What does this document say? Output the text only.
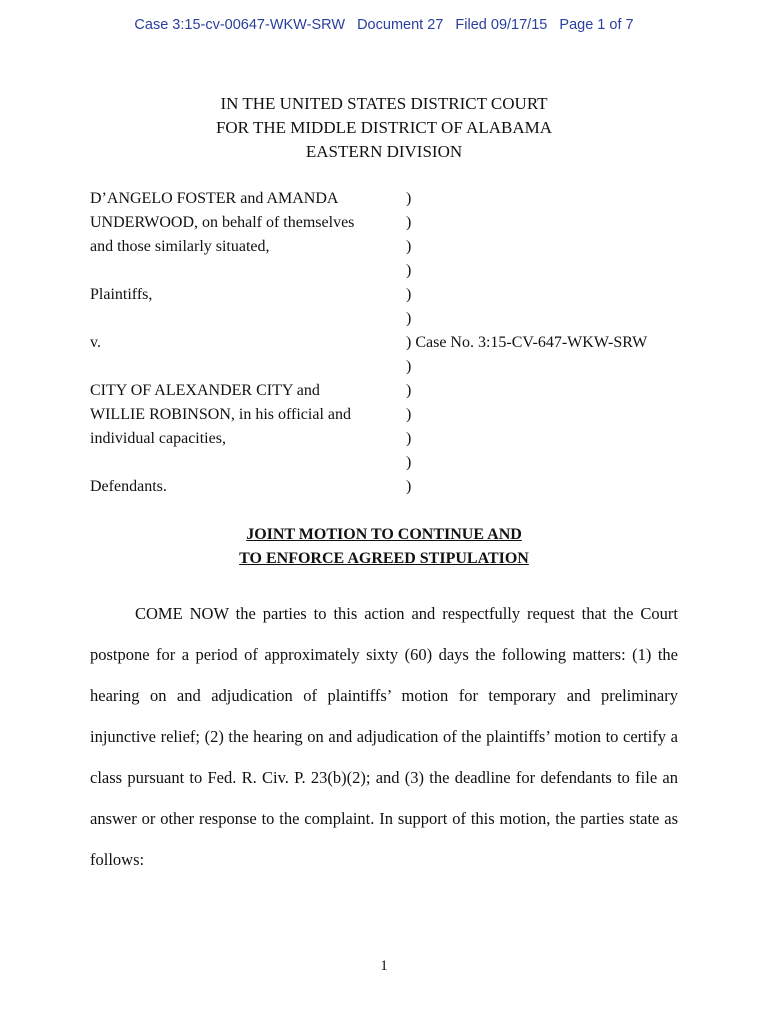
Case 3:15-cv-00647-WKW-SRW   Document 27   Filed 09/17/15   Page 1 of 7
IN THE UNITED STATES DISTRICT COURT
FOR THE MIDDLE DISTRICT OF ALABAMA
EASTERN DIVISION
D’ANGELO FOSTER and AMANDA	)
UNDERWOOD, on behalf of themselves	)
and those similarly situated,	)
)
Plaintiffs,	)
)
v.	) Case No. 3:15-CV-647-WKW-SRW
)
CITY OF ALEXANDER CITY and	)
WILLIE ROBINSON, in his official and	)
individual capacities,	)
)
Defendants.	)
JOINT MOTION TO CONTINUE AND
TO ENFORCE AGREED STIPULATION

COME NOW the parties to this action and respectfully request that the Court postpone for a period of approximately sixty (60) days the following matters: (1) the hearing on and adjudication of plaintiffs’ motion for temporary and preliminary injunctive relief; (2) the hearing on and adjudication of the plaintiffs’ motion to certify a class pursuant to Fed. R. Civ. P. 23(b)(2); and (3) the deadline for defendants to file an answer or other response to the complaint. In support of this motion, the parties state as follows:

1
